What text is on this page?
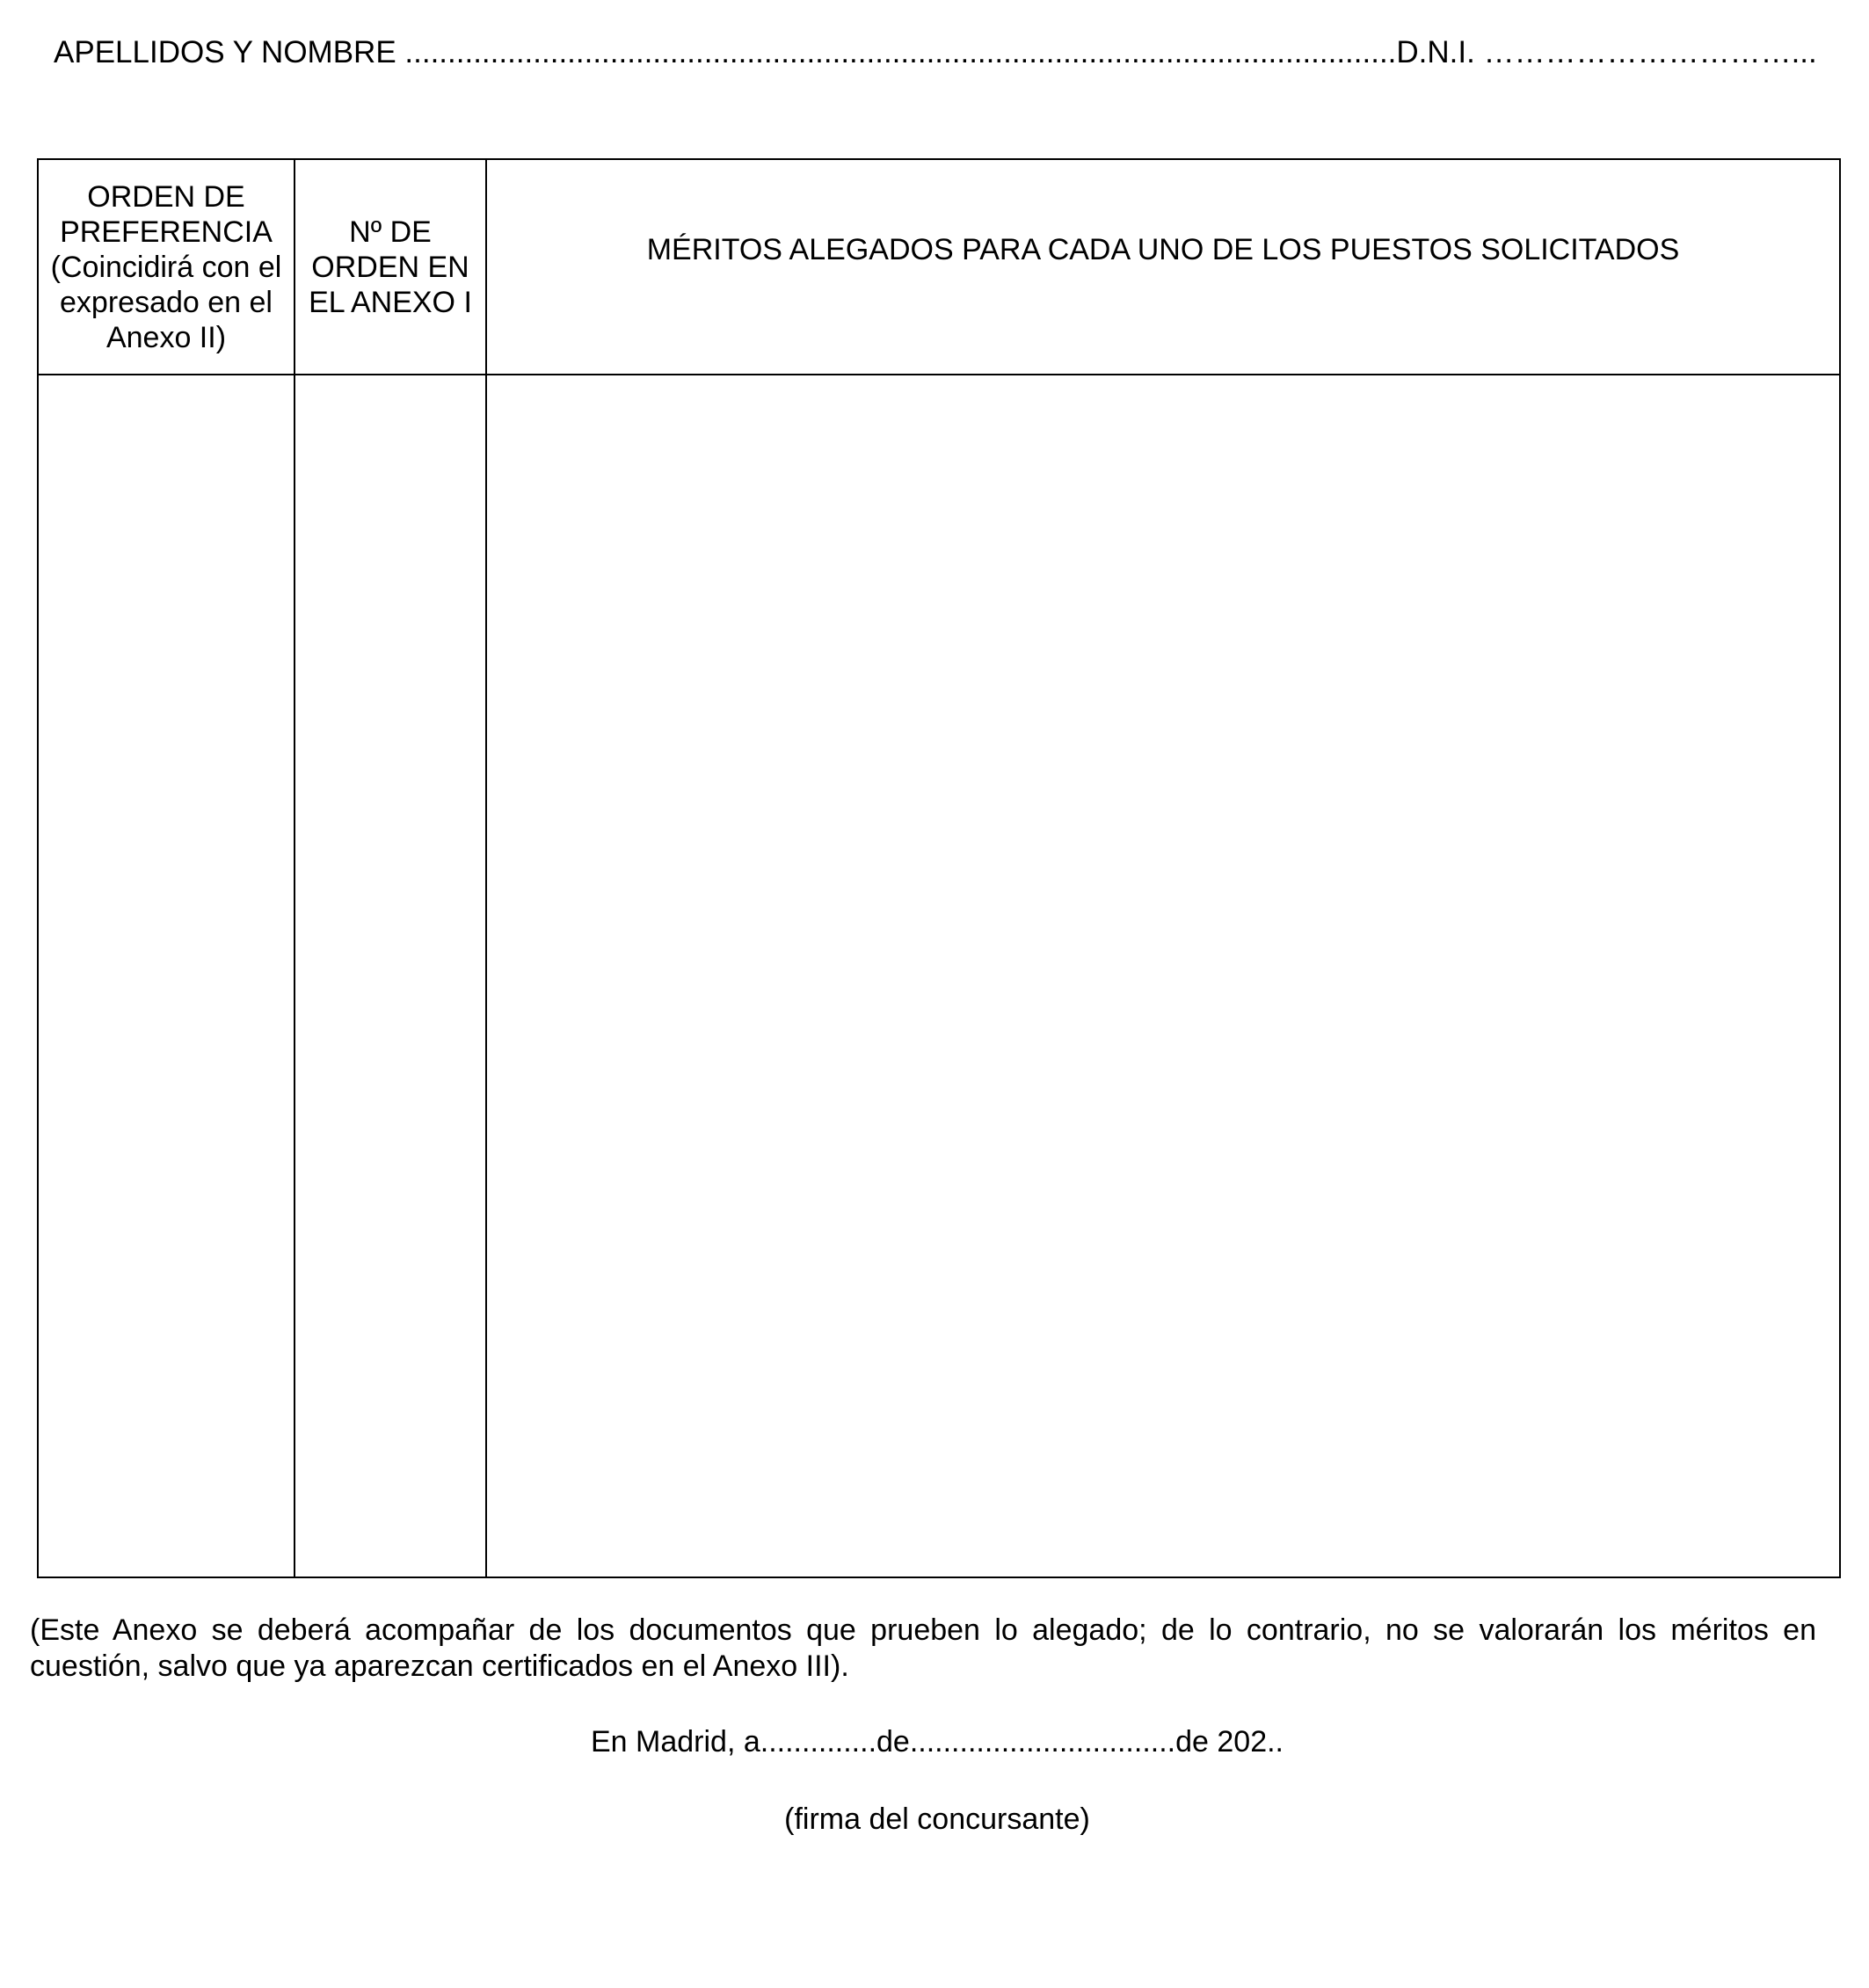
APELLIDOS Y NOMBRE ....................................................................................................................D.N.I. …………………………...
ORDEN DE PREFERENCIA (Coincidirá con el expresado en el Anexo II)	Nº DE ORDEN EN EL ANEXO I	MÉRITOS ALEGADOS PARA CADA UNO DE LOS PUESTOS SOLICITADOS

(Este Anexo se deberá acompañar de los documentos que prueben lo alegado; de lo contrario, no se valorarán los méritos en cuestión, salvo que ya aparezcan certificados en el Anexo III).
En Madrid, a..............de................................de 202..
(firma del concursante)
